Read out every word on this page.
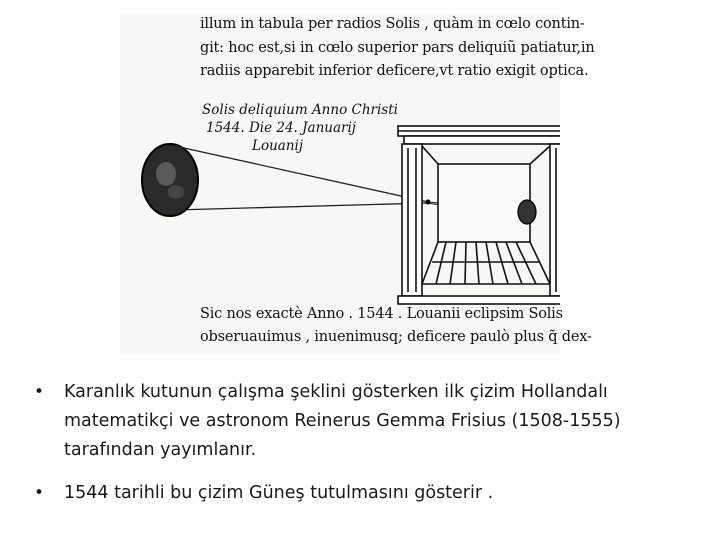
illum in tabula per radios Solis , quàm in cœlo contin-
git: hoc est,si in cœlo superior pars deliquiũ patiatur,in
radiis apparebit inferior deficere,vt ratio exigit optica.
Solis deliquium Anno Christi
1544. Die 24. Januarij
Louanij
Sic nos exactè Anno . 1544 . Louanii eclipsim Solis
obseruauimus , inuenimusq; deficere paulò plus q̃ dex-
• Karanlık kutunun çalışma şeklini gösterken ilk çizim Hollandalı
matematikçi ve astronom Reinerus Gemma Frisius (1508-1555)
tarafından yayımlanır.
• 1544 tarihli bu çizim Güneş tutulmasını gösterir .
